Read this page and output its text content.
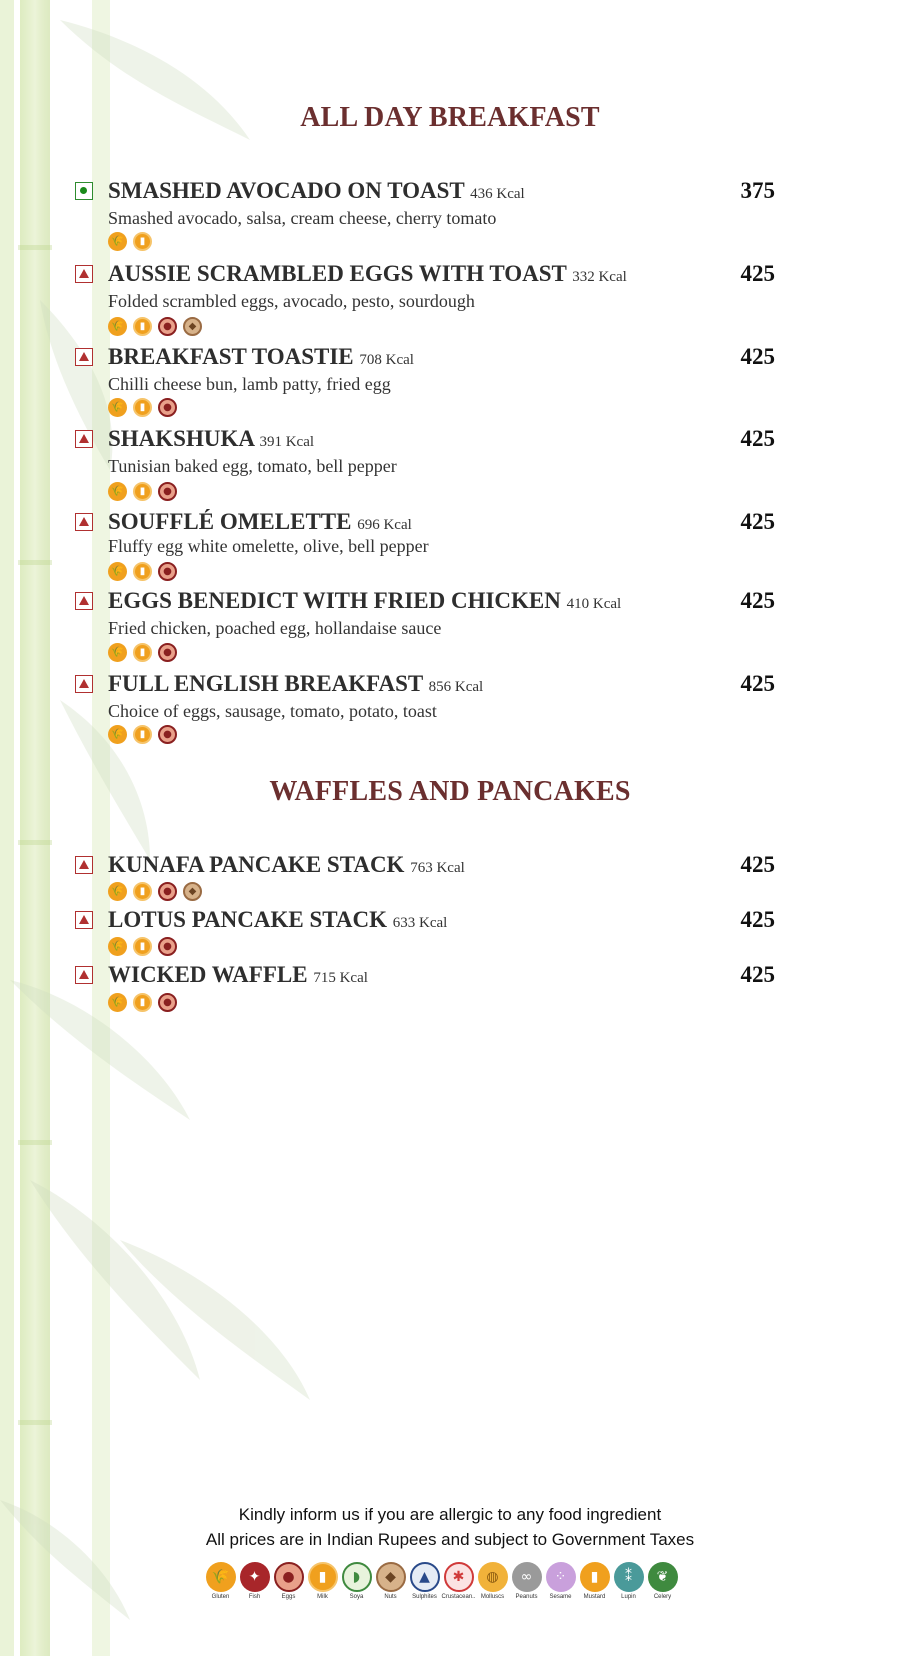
ALL DAY BREAKFAST
SMASHED AVOCADO ON TOAST 436 Kcal	375
Smashed avocado, salsa, cream cheese, cherry tomato
🌾	▮
AUSSIE SCRAMBLED EGGS WITH TOAST 332 Kcal	425
Folded scrambled eggs, avocado, pesto, sourdough
🌾	▮	●	◆
BREAKFAST TOASTIE 708 Kcal	425
Chilli cheese bun, lamb patty, fried egg
🌾	▮	●
SHAKSHUKA 391 Kcal	425
Tunisian baked egg, tomato, bell pepper
🌾	▮	●
SOUFFLÉ OMELETTE 696 Kcal	425
Fluffy egg white omelette, olive, bell pepper
🌾	▮	●
EGGS BENEDICT WITH FRIED CHICKEN 410 Kcal	425
Fried chicken, poached egg, hollandaise sauce
🌾	▮	●
FULL ENGLISH BREAKFAST 856 Kcal	425
Choice of eggs, sausage, tomato, potato, toast
🌾	▮	●
WAFFLES AND PANCAKES
KUNAFA PANCAKE STACK 763 Kcal	425
🌾	▮	●	◆
LOTUS PANCAKE STACK 633 Kcal	425
🌾	▮	●
WICKED WAFFLE 715 Kcal	425
🌾	▮	●
Kindly inform us if you are allergic to any food ingredient
All prices are in Indian Rupees and subject to Government Taxes
🌾
Gluten
✦
Fish
●
Eggs
▮
Milk
◗
Soya
◆
Nuts
▲
Sulphites
✱
Crustacean..
◍
Molluscs
∞
Peanuts
⁘
Sesame
▮
Mustard
⁑
Lupin
❦
Celery
